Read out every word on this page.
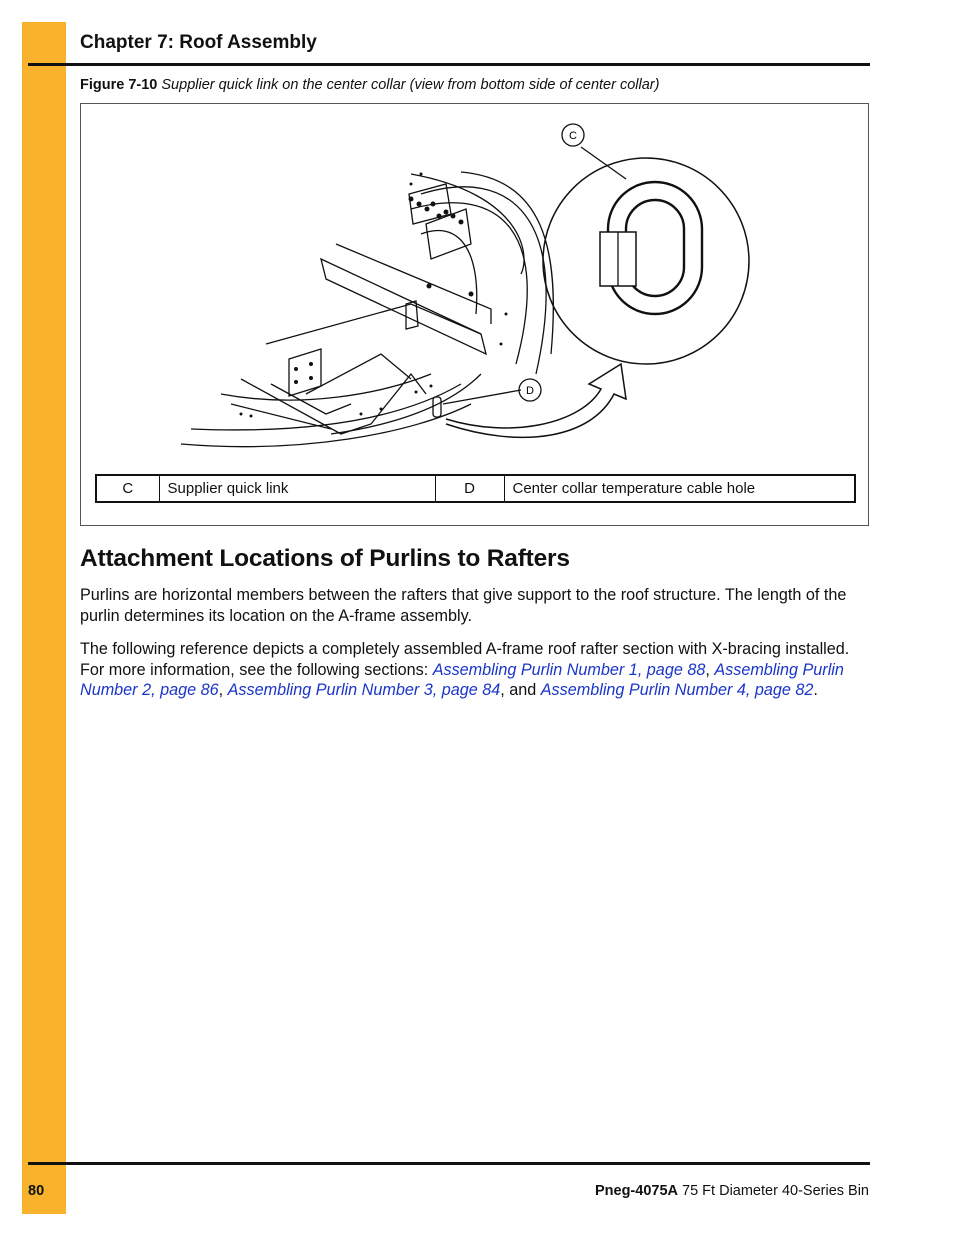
Chapter 7: Roof Assembly
Figure 7-10 Supplier quick link on the center collar (view from bottom side of center collar)
C
D
C	Supplier quick link	D	Center collar temperature cable hole
Attachment Locations of Purlins to Rafters
Purlins are horizontal members between the rafters that give support to the roof structure. The length of the purlin determines its location on the A-frame assembly.
The following reference depicts a completely assembled A-frame roof rafter section with X-bracing installed. For more information, see the following sections: Assembling Purlin Number 1, page 88, Assembling Purlin Number 2, page 86, Assembling Purlin Number 3, page 84, and Assembling Purlin Number 4, page 82.
80	Pneg-4075A 75 Ft Diameter 40-Series Bin
